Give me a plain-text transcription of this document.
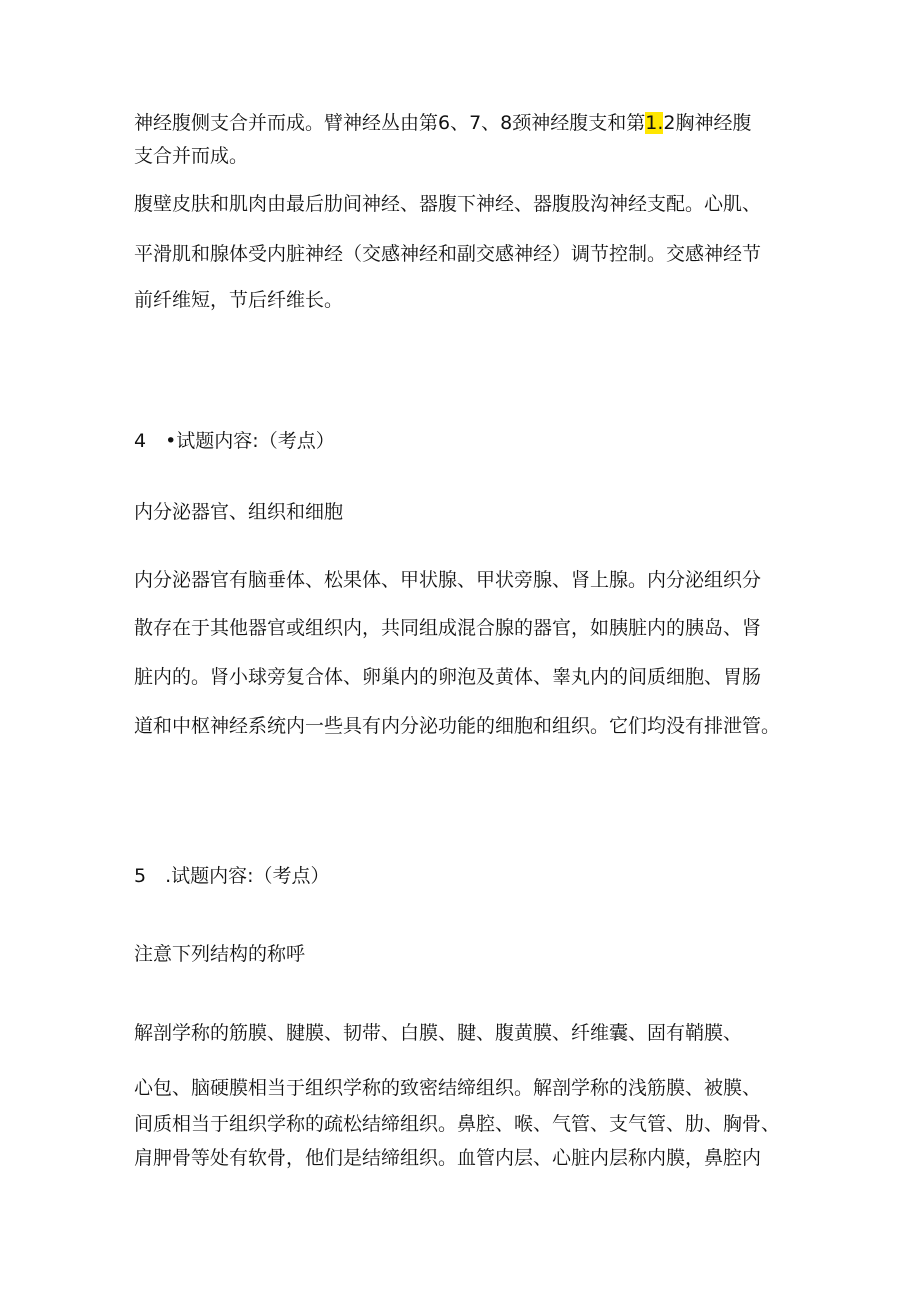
神经腹侧支合并而成。臂神经丛由第6、7、8颈神经腹支和第1.2胸神经腹
支合并而成。
腹壁皮肤和肌肉由最后肋间神经、器腹下神经、器腹股沟神经支配。心肌、
平滑肌和腺体受内脏神经（交感神经和副交感神经）调节控制。交感神经节
前纤维短，节后纤维长。
4　•试题内容:（考点）
内分泌器官、组织和细胞
内分泌器官有脑垂体、松果体、甲状腺、甲状旁腺、肾上腺。内分泌组织分
散存在于其他器官或组织内，共同组成混合腺的器官，如胰脏内的胰岛、肾
脏内的。肾小球旁复合体、卵巢内的卵泡及黄体、睾丸内的间质细胞、胃肠
道和中枢神经系统内一些具有内分泌功能的细胞和组织。它们均没有排泄管。
5　.试题内容:（考点）
注意下列结构的称呼
解剖学称的筋膜、腱膜、韧带、白膜、腱、腹黄膜、纤维囊、固有鞘膜、
心包、脑硬膜相当于组织学称的致密结缔组织。解剖学称的浅筋膜、被膜、
间质相当于组织学称的疏松结缔组织。鼻腔、喉、气管、支气管、肋、胸骨、
肩胛骨等处有软骨，他们是结缔组织。血管内层、心脏内层称内膜，鼻腔内
